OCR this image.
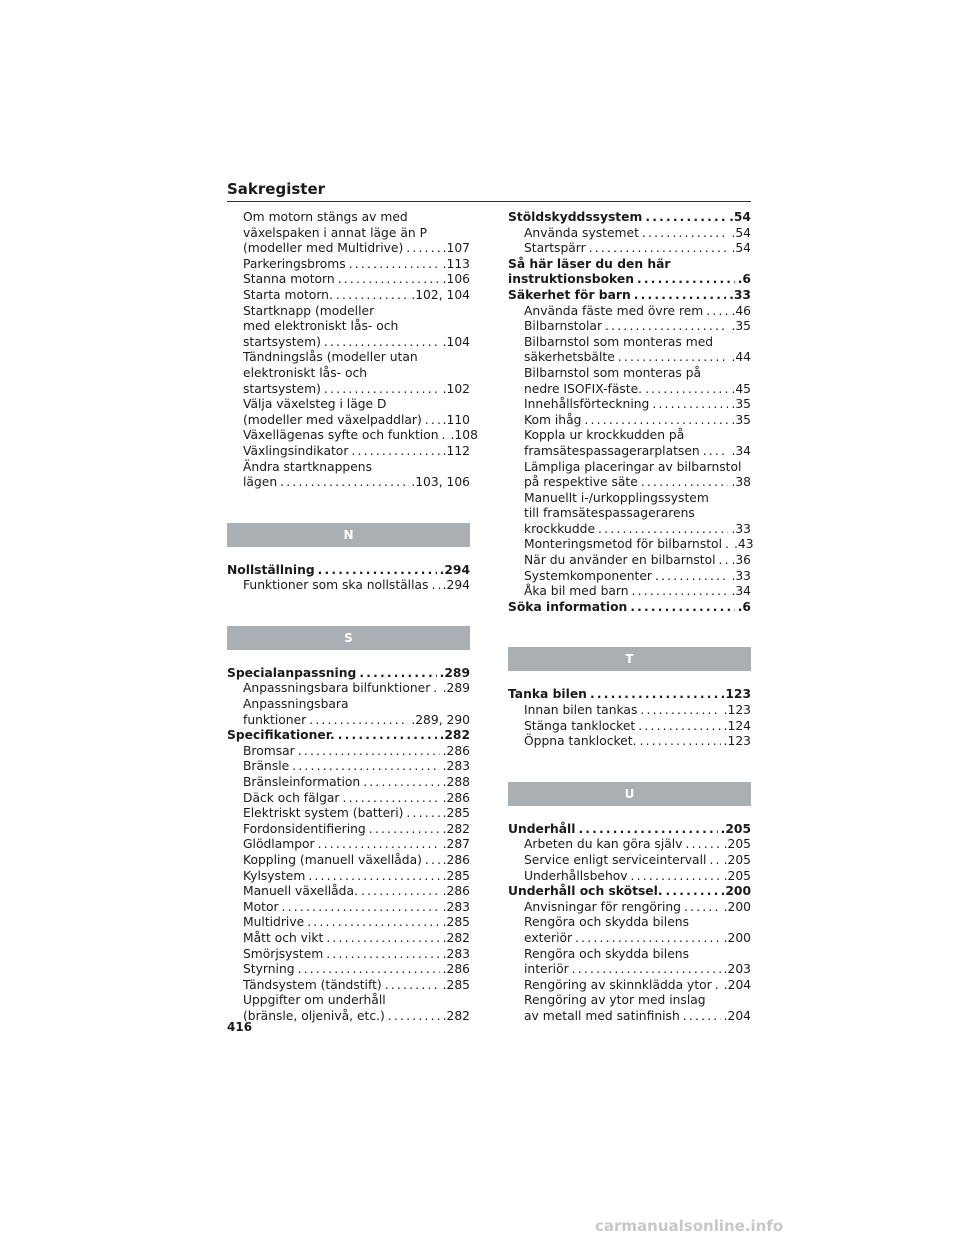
Sakregister
Om motorn stängs av med
växelspaken i annat läge än P
(modeller med Multidrive) .....	.107
Parkeringsbroms .....	.113
Stanna motorn .....	.106
Starta motorn. .....	.102, 104
Startknapp (modeller
med elektroniskt lås- och
startsystem) .....	.104
Tändningslås (modeller utan
elektroniskt lås- och
startsystem) .....	.102
Välja växelsteg i läge D
(modeller med växelpaddlar) ..... .110
Växellägenas syfte och funktion ..... .108
Växlingsindikator .....	.112
Ändra startknappens
lägen .....	.103, 106
N
Nollställning .....	.294
Funktioner som ska nollställas ..... .294
S
Specialanpassning .....	.289
Anpassningsbara bilfunktioner ..... .289
Anpassningsbara
funktioner .....	.289, 290
Specifikationer. .....	.282
Bromsar .....	.286
Bränsle .....	.283
Bränsleinformation .....	.288
Däck och fälgar .....	.286
Elektriskt system (batteri) .....	.285
Fordonsidentifiering .....	.282
Glödlampor .....	.287
Koppling (manuell växellåda) ..... .286
Kylsystem .....	.285
Manuell växellåda. .....	.286
Motor .....	.283
Multidrive .....	.285
Mått och vikt .....	.282
Smörjsystem .....	.283
Styrning .....	.286
Tändsystem (tändstift) .....	.285
Uppgifter om underhåll
(bränsle, oljenivå, etc.) .....	.282
Stöldskyddssystem .....	.54
Använda systemet .....	.54
Startspärr .....	.54
Så här läser du den här
instruktionsboken .....	.6
Säkerhet för barn .....	.33
Använda fäste med övre rem ..... .46
Bilbarnstolar .....	.35
Bilbarnstol som monteras med
säkerhetsbälte .....	.44
Bilbarnstol som monteras på
nedre ISOFIX-fäste. .....	.45
Innehållsförteckning .....	.35
Kom ihåg .....	.35
Koppla ur krockkudden på
framsätespassagerarplatsen .....	.34
Lämpliga placeringar av bilbarnstol
på respektive säte .....	.38
Manuellt i-/urkopplingssystem
till framsätespassagerarens
krockkudde .....	.33
Monteringsmetod för bilbarnstol ..... .43
När du använder en bilbarnstol ..... .36
Systemkomponenter .....	.33
Åka bil med barn .....	.34
Söka information .....	.6
T
Tanka bilen .....	.123
Innan bilen tankas .....	.123
Stänga tanklocket .....	.124
Öppna tanklocket. .....	.123
U
Underhåll .....	.205
Arbeten du kan göra själv .....	.205
Service enligt serviceintervall ..... .205
Underhållsbehov .....	.205
Underhåll och skötsel. .....	.200
Anvisningar för rengöring .....	.200
Rengöra och skydda bilens
exteriör .....	.200
Rengöra och skydda bilens
interiör .....	.203
Rengöring av skinnklädda ytor ..... .204
Rengöring av ytor med inslag
av metall med satinfinish .....	.204
416
carmanualsonline.info
